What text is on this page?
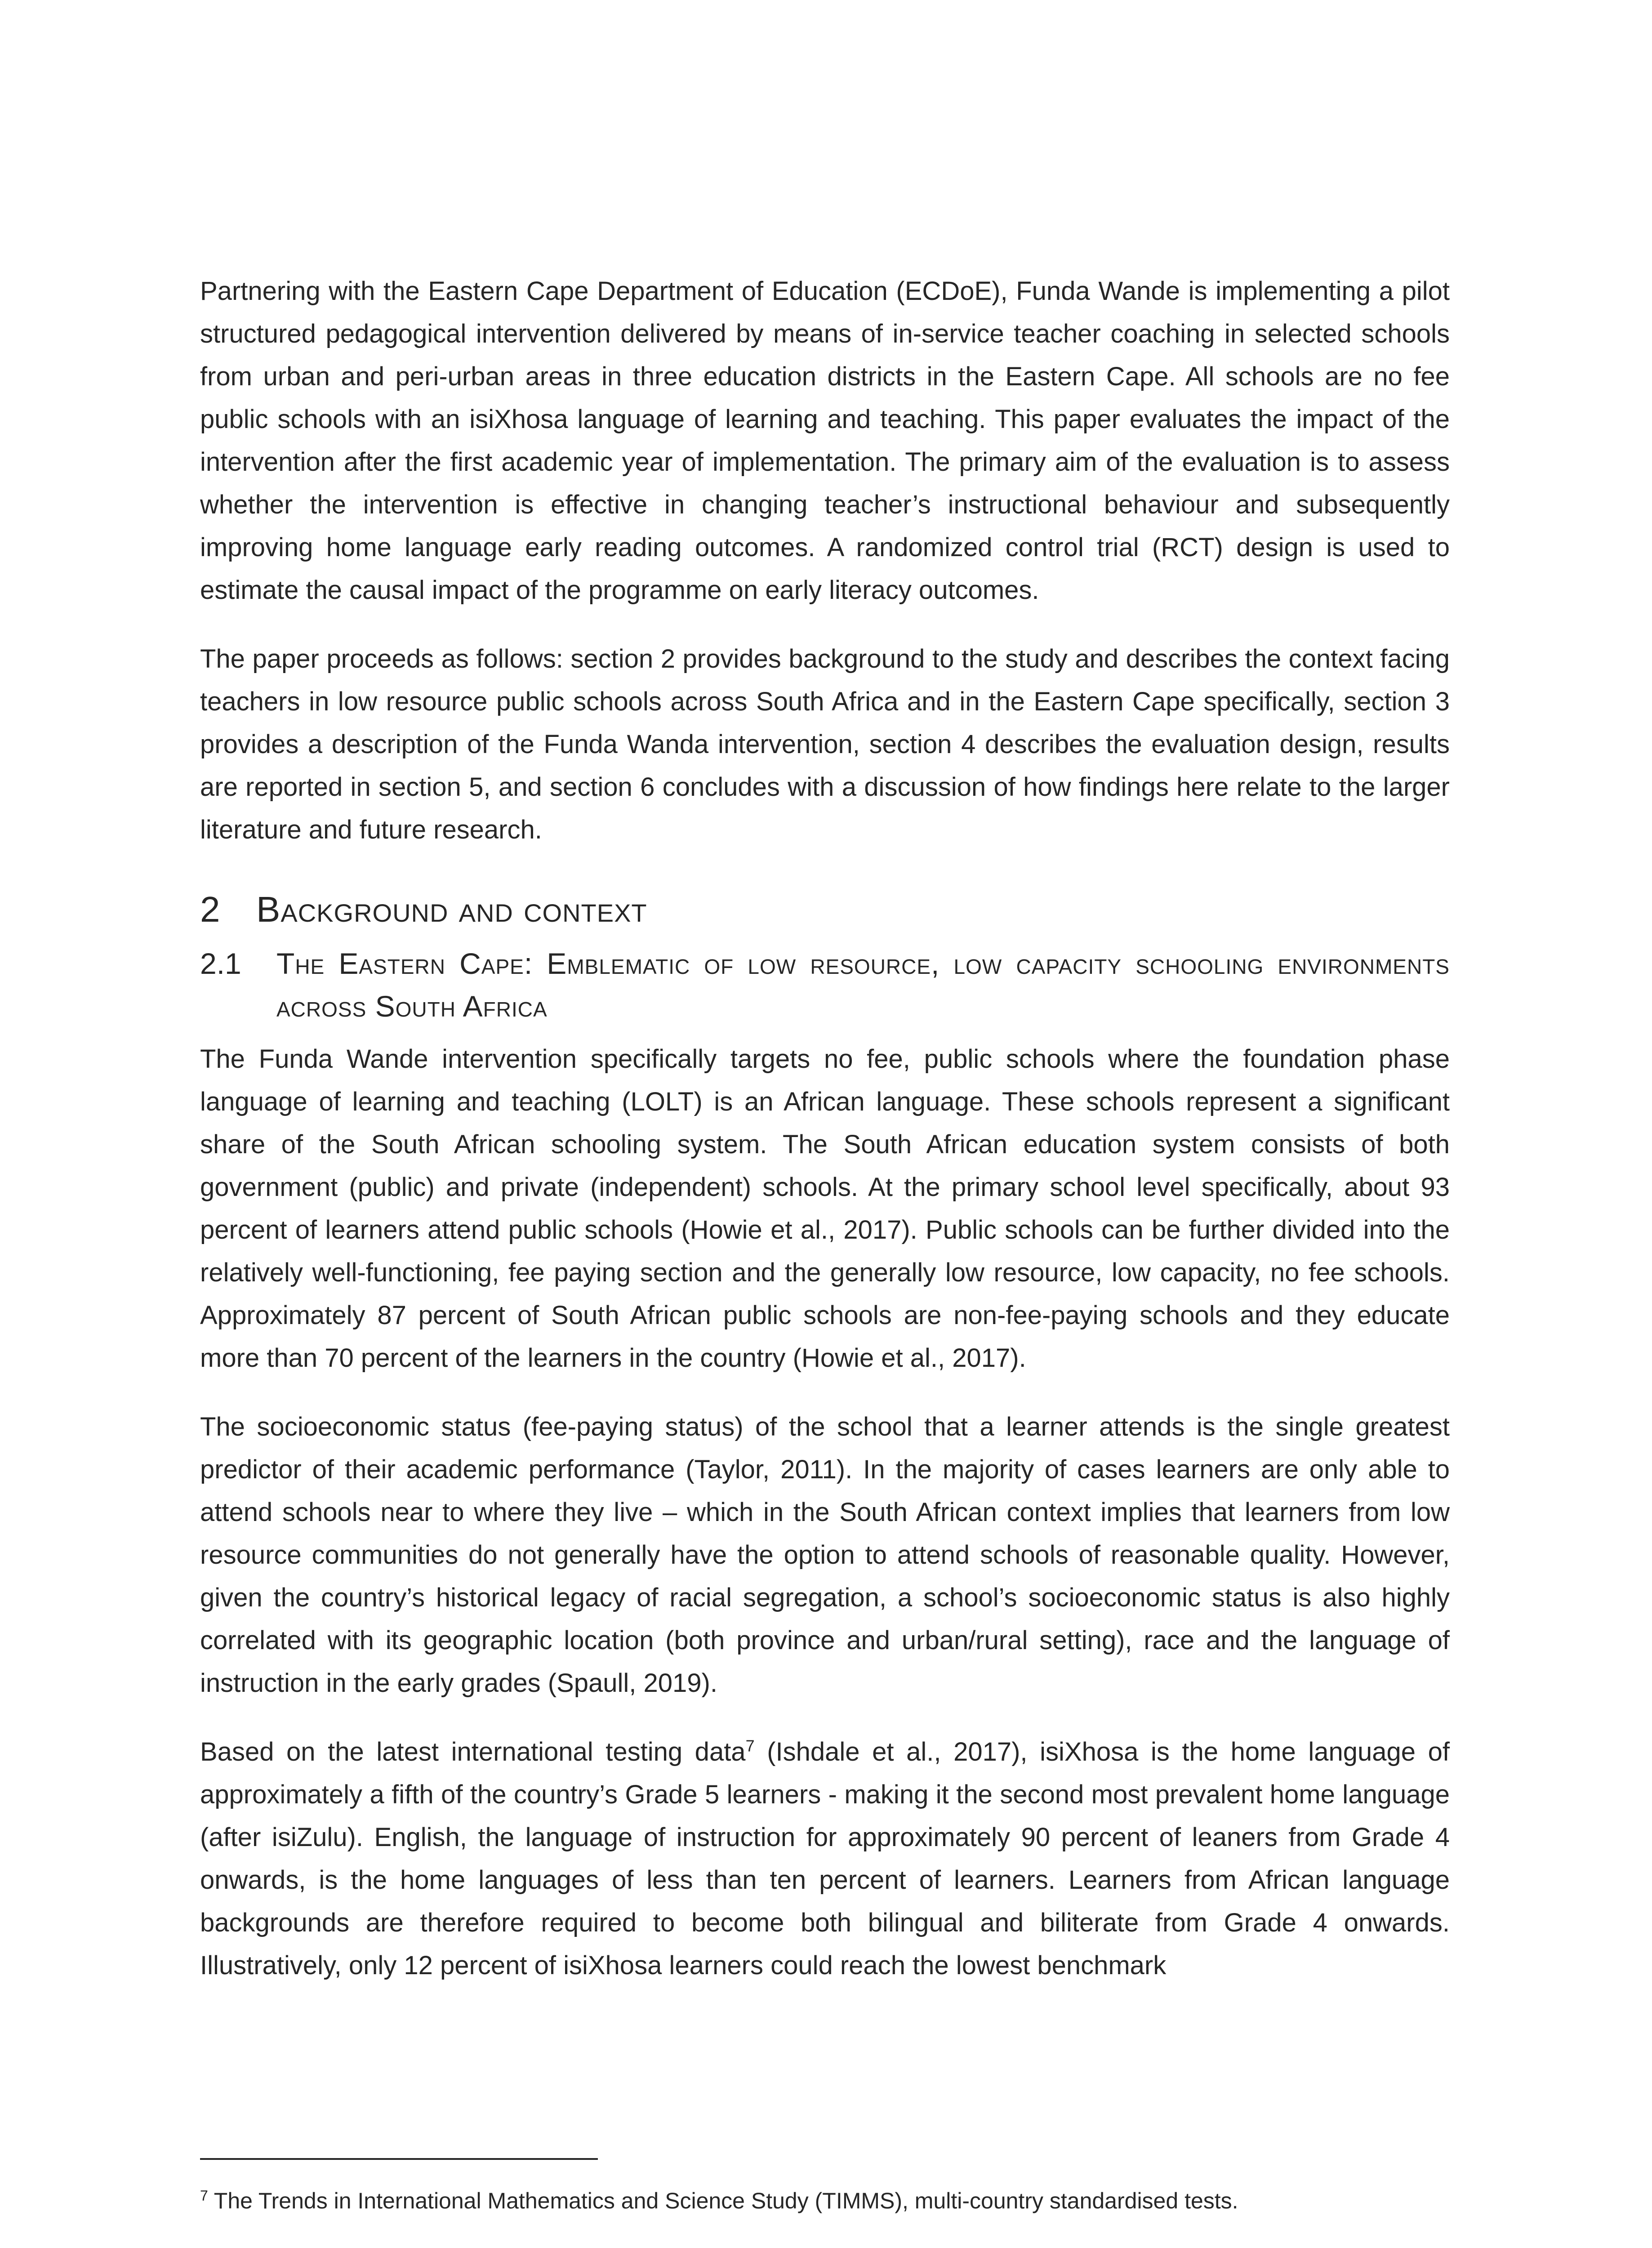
Partnering with the Eastern Cape Department of Education (ECDoE), Funda Wande is implementing a pilot structured pedagogical intervention delivered by means of in-service teacher coaching in selected schools from urban and peri-urban areas in three education districts in the Eastern Cape. All schools are no fee public schools with an isiXhosa language of learning and teaching. This paper evaluates the impact of the intervention after the first academic year of implementation. The primary aim of the evaluation is to assess whether the intervention is effective in changing teacher’s instructional behaviour and subsequently improving home language early reading outcomes. A randomized control trial (RCT) design is used to estimate the causal impact of the programme on early literacy outcomes.

The paper proceeds as follows: section 2 provides background to the study and describes the context facing teachers in low resource public schools across South Africa and in the Eastern Cape specifically, section 3 provides a description of the Funda Wanda intervention, section 4 describes the evaluation design, results are reported in section 5, and section 6 concludes with a discussion of how findings here relate to the larger literature and future research.

2	Background and context
2.1	The Eastern Cape: Emblematic of low resource, low capacity schooling environments across South Africa

The Funda Wande intervention specifically targets no fee, public schools where the foundation phase language of learning and teaching (LOLT) is an African language. These schools represent a significant share of the South African schooling system. The South African education system consists of both government (public) and private (independent) schools. At the primary school level specifically, about 93 percent of learners attend public schools (Howie et al., 2017). Public schools can be further divided into the relatively well-functioning, fee paying section and the generally low resource, low capacity, no fee schools. Approximately 87 percent of South African public schools are non-fee-paying schools and they educate more than 70 percent of the learners in the country (Howie et al., 2017).

The socioeconomic status (fee-paying status) of the school that a learner attends is the single greatest predictor of their academic performance (Taylor, 2011). In the majority of cases learners are only able to attend schools near to where they live – which in the South African context implies that learners from low resource communities do not generally have the option to attend schools of reasonable quality. However, given the country’s historical legacy of racial segregation, a school’s socioeconomic status is also highly correlated with its geographic location (both province and urban/rural setting), race and the language of instruction in the early grades (Spaull, 2019).

Based on the latest international testing data$^7$ (Ishdale et al., 2017), isiXhosa is the home language of approximately a fifth of the country’s Grade 5 learners - making it the second most prevalent home language (after isiZulu). English, the language of instruction for approximately 90 percent of leaners from Grade 4 onwards, is the home languages of less than ten percent of learners. Learners from African language backgrounds are therefore required to become both bilingual and biliterate from Grade 4 onwards. Illustratively, only 12 percent of isiXhosa learners could reach the lowest benchmark

$^7$ The Trends in International Mathematics and Science Study (TIMMS), multi-country standardised tests.
